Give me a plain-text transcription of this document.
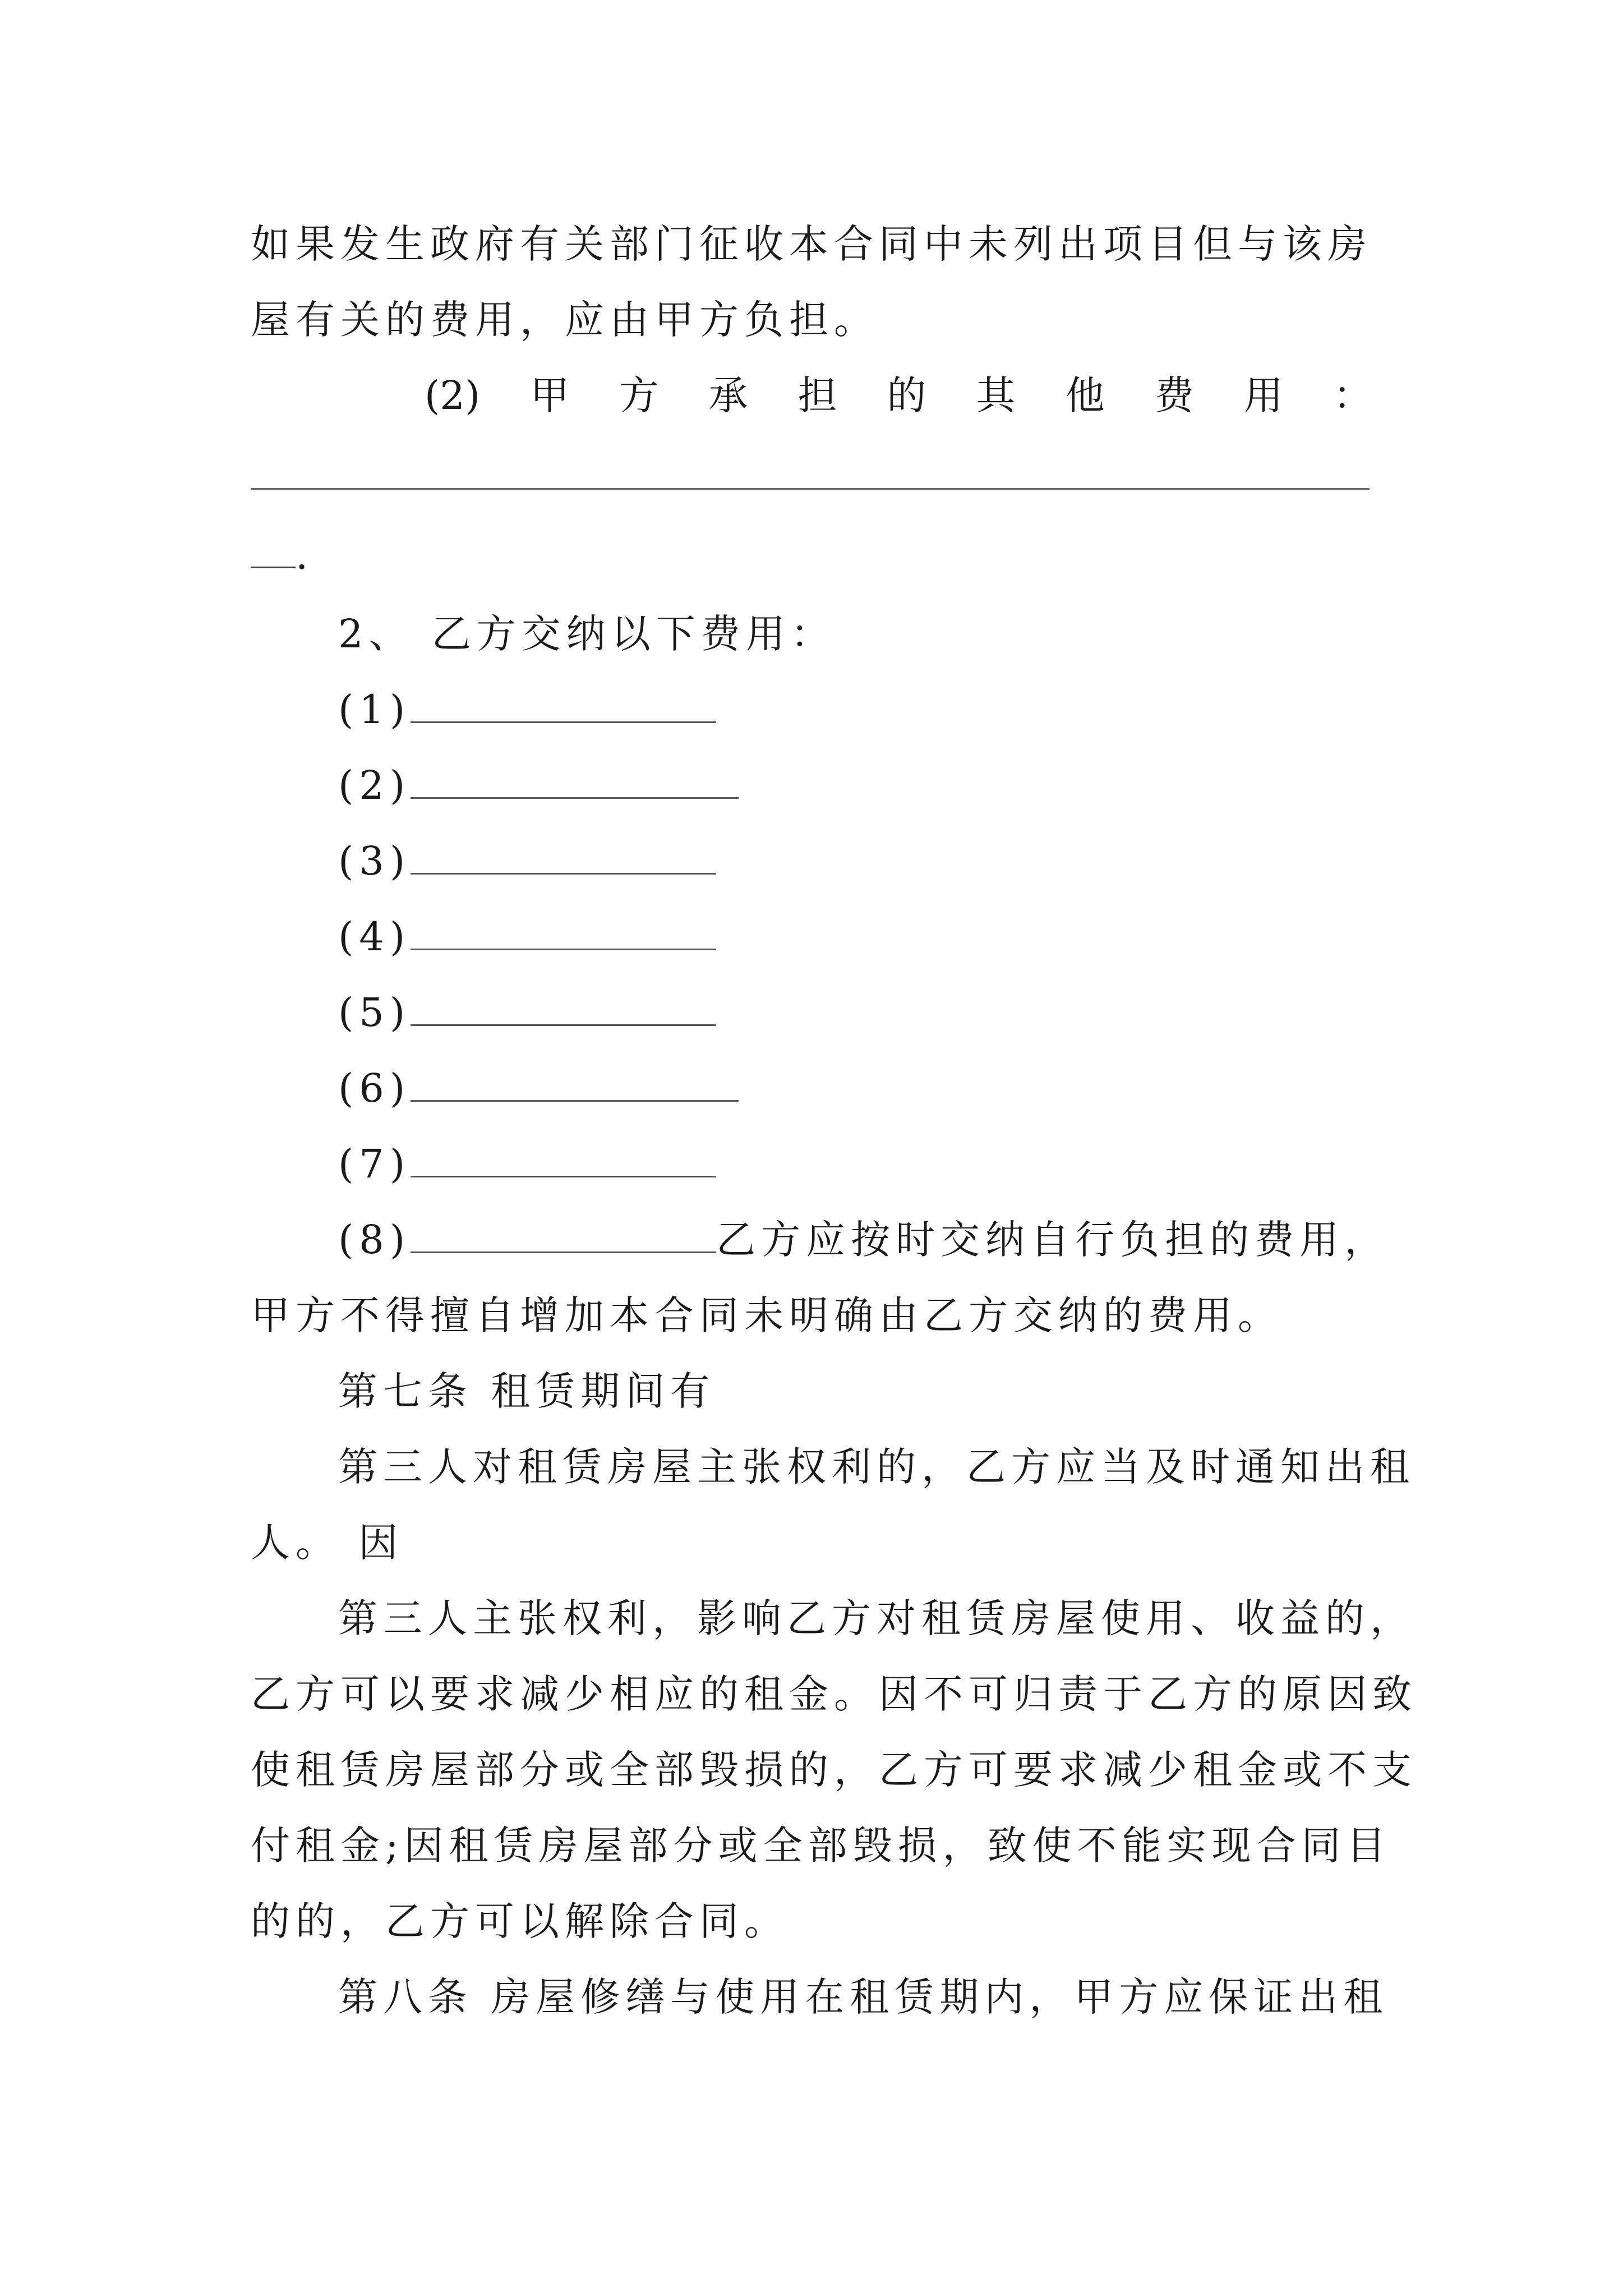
如果发生政府有关部门征收本合同中未列出项目但与该房
屋有关的费用，应由甲方负担。
(2) 甲 方 承 担 的 其 他 费 用 ：
.
2、 乙方交纳以下费用：
(1)
(2)
(3)
(4)
(5)
(6)
(7)
(8)	乙方应按时交纳自行负担的费用，
甲方不得擅自增加本合同未明确由乙方交纳的费用。
第七条 租赁期间有
第三人对租赁房屋主张权利的，乙方应当及时通知出租
人。 因
第三人主张权利，影响乙方对租赁房屋使用、收益的，
乙方可以要求减少相应的租金。因不可归责于乙方的原因致
使租赁房屋部分或全部毁损的，乙方可要求减少租金或不支
付租金;因租赁房屋部分或全部毁损，致使不能实现合同目
的的，乙方可以解除合同。
第八条 房屋修缮与使用在租赁期内，甲方应保证出租
